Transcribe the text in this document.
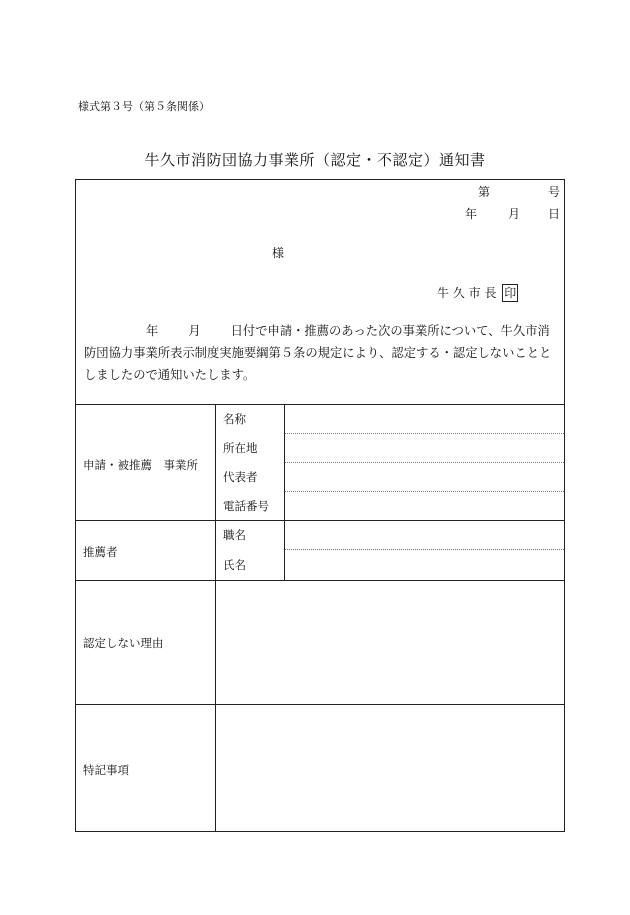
様式第３号（第５条関係）
牛久市消防団協力事業所（認定・不認定）通知書
第	号
年	月 日
様
牛 久 市 長 印
年 月 日付で申請・推薦のあった次の事業所について、牛久市消防団協力事業所表示制度実施要綱第５条の規定により、認定する・認定しないこととしましたので通知いたします。
申請・被推薦　事業所
名称
所在地
代表者
電話番号
推薦者
職名
氏名
認定しない理由
特記事項
